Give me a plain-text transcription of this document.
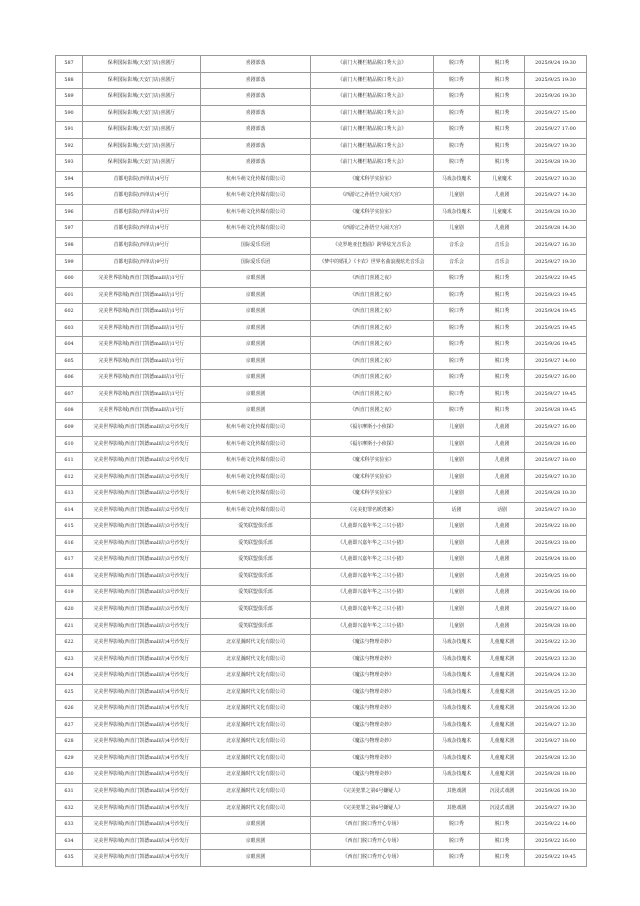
587	保利国际影城(天安门店)喜剧厅	喜剧部落	《前门大栅栏精品脱口秀大会》	脱口秀	脱口秀	2025/9/24 19:30
588	保利国际影城(天安门店)喜剧厅	喜剧部落	《前门大栅栏精品脱口秀大会》	脱口秀	脱口秀	2025/9/25 19:30
589	保利国际影城(天安门店)喜剧厅	喜剧部落	《前门大栅栏精品脱口秀大会》	脱口秀	脱口秀	2025/9/26 19:30
590	保利国际影城(天安门店)喜剧厅	喜剧部落	《前门大栅栏精品脱口秀大会》	脱口秀	脱口秀	2025/9/27 15:00
591	保利国际影城(天安门店)喜剧厅	喜剧部落	《前门大栅栏精品脱口秀大会》	脱口秀	脱口秀	2025/9/27 17:00
592	保利国际影城(天安门店)喜剧厅	喜剧部落	《前门大栅栏精品脱口秀大会》	脱口秀	脱口秀	2025/9/27 19:30
593	保利国际影城(天安门店)喜剧厅	喜剧部落	《前门大栅栏精品脱口秀大会》	脱口秀	脱口秀	2025/9/28 19:30
594	首都电影院(西单店)4号厅	杭州斗萌文化传媒有限公司	《魔术科学实验室》	马戏杂技魔术	儿童魔术	2025/9/27 10:30
595	首都电影院(西单店)4号厅	杭州斗萌文化传媒有限公司	《西游记之孙悟空大闹天宫》	儿童剧	儿童剧	2025/9/27 14:30
596	首都电影院(西单店)4号厅	杭州斗萌文化传媒有限公司	《魔术科学实验室》	马戏杂技魔术	儿童魔术	2025/9/28 10:30
597	首都电影院(西单店)4号厅	杭州斗萌文化传媒有限公司	《西游记之孙悟空大闹天宫》	儿童剧	儿童剧	2025/9/28 14:30
598	首都电影院(西单店)9号厅	国际爱乐乐团	《克罗地亚狂想曲》跨界炫光音乐会	音乐会	音乐会	2025/9/27 16:30
599	首都电影院(西单店)9号厅	国际爱乐乐团	《梦中的婚礼》《卡农》世界名曲浪漫炫光音乐会	音乐会	音乐会	2025/9/27 19:30
600	完美世界影城(西直门凯德mall店)1号厅	京眼喜剧	《西直门喜剧之夜》	脱口秀	脱口秀	2025/9/22 19:45
601	完美世界影城(西直门凯德mall店)1号厅	京眼喜剧	《西直门喜剧之夜》	脱口秀	脱口秀	2025/9/23 19:45
602	完美世界影城(西直门凯德mall店)1号厅	京眼喜剧	《西直门喜剧之夜》	脱口秀	脱口秀	2025/9/24 19:45
603	完美世界影城(西直门凯德mall店)1号厅	京眼喜剧	《西直门喜剧之夜》	脱口秀	脱口秀	2025/9/25 19:45
604	完美世界影城(西直门凯德mall店)1号厅	京眼喜剧	《西直门喜剧之夜》	脱口秀	脱口秀	2025/9/26 19:45
605	完美世界影城(西直门凯德mall店)1号厅	京眼喜剧	《西直门喜剧之夜》	脱口秀	脱口秀	2025/9/27 14:00
606	完美世界影城(西直门凯德mall店)1号厅	京眼喜剧	《西直门喜剧之夜》	脱口秀	脱口秀	2025/9/27 16:00
607	完美世界影城(西直门凯德mall店)1号厅	京眼喜剧	《西直门喜剧之夜》	脱口秀	脱口秀	2025/9/27 19:45
608	完美世界影城(西直门凯德mall店)1号厅	京眼喜剧	《西直门喜剧之夜》	脱口秀	脱口秀	2025/9/28 19:45
609	完美世界影城(西直门凯德mall店)2号沙发厅	杭州斗萌文化传媒有限公司	《福尔摩斯小小侦探》	儿童剧	儿童剧	2025/9/27 16:00
610	完美世界影城(西直门凯德mall店)2号沙发厅	杭州斗萌文化传媒有限公司	《福尔摩斯小小侦探》	儿童剧	儿童剧	2025/9/28 16:00
611	完美世界影城(西直门凯德mall店)2号沙发厅	杭州斗萌文化传媒有限公司	《魔术科学实验室》	儿童剧	儿童剧	2025/9/27 18:00
612	完美世界影城(西直门凯德mall店)2号沙发厅	杭州斗萌文化传媒有限公司	《魔术科学实验室》	儿童剧	儿童剧	2025/9/27 10:30
613	完美世界影城(西直门凯德mall店)2号沙发厅	杭州斗萌文化传媒有限公司	《魔术科学实验室》	儿童剧	儿童剧	2025/9/28 10:30
614	完美世界影城(西直门凯德mall店)2号沙发厅	杭州斗萌文化传媒有限公司	《完美犯罪名媛逃案》	话剧	话剧	2025/9/27 19:30
615	完美世界影城(西直门凯德mall店)3号沙发厅	爱笑联盟俱乐部	《儿童即兴嘉年华之三只小猪》	儿童剧	儿童剧	2025/9/22 18:00
616	完美世界影城(西直门凯德mall店)3号沙发厅	爱笑联盟俱乐部	《儿童即兴嘉年华之三只小猪》	儿童剧	儿童剧	2025/9/23 18:00
617	完美世界影城(西直门凯德mall店)3号沙发厅	爱笑联盟俱乐部	《儿童即兴嘉年华之三只小猪》	儿童剧	儿童剧	2025/9/24 18:00
618	完美世界影城(西直门凯德mall店)3号沙发厅	爱笑联盟俱乐部	《儿童即兴嘉年华之三只小猪》	儿童剧	儿童剧	2025/9/25 18:00
619	完美世界影城(西直门凯德mall店)3号沙发厅	爱笑联盟俱乐部	《儿童即兴嘉年华之三只小猪》	儿童剧	儿童剧	2025/9/26 18:00
620	完美世界影城(西直门凯德mall店)3号沙发厅	爱笑联盟俱乐部	《儿童即兴嘉年华之三只小猪》	儿童剧	儿童剧	2025/9/27 18:00
621	完美世界影城(西直门凯德mall店)3号沙发厅	爱笑联盟俱乐部	《儿童即兴嘉年华之三只小猪》	儿童剧	儿童剧	2025/9/28 18:00
622	完美世界影城(西直门凯德mall店)4号沙发厅	北京星瀚时代文化有限公司	《魔法与物理奇妙》	马戏杂技魔术	儿童魔术剧	2025/9/22 12:30
623	完美世界影城(西直门凯德mall店)4号沙发厅	北京星瀚时代文化有限公司	《魔法与物理奇妙》	马戏杂技魔术	儿童魔术剧	2025/9/23 12:30
624	完美世界影城(西直门凯德mall店)4号沙发厅	北京星瀚时代文化有限公司	《魔法与物理奇妙》	马戏杂技魔术	儿童魔术剧	2025/9/24 12:30
625	完美世界影城(西直门凯德mall店)4号沙发厅	北京星瀚时代文化有限公司	《魔法与物理奇妙》	马戏杂技魔术	儿童魔术剧	2025/9/25 12:30
626	完美世界影城(西直门凯德mall店)4号沙发厅	北京星瀚时代文化有限公司	《魔法与物理奇妙》	马戏杂技魔术	儿童魔术剧	2025/9/26 12:30
627	完美世界影城(西直门凯德mall店)4号沙发厅	北京星瀚时代文化有限公司	《魔法与物理奇妙》	马戏杂技魔术	儿童魔术剧	2025/9/27 12:30
628	完美世界影城(西直门凯德mall店)4号沙发厅	北京星瀚时代文化有限公司	《魔法与物理奇妙》	马戏杂技魔术	儿童魔术剧	2025/9/27 18:00
629	完美世界影城(西直门凯德mall店)4号沙发厅	北京星瀚时代文化有限公司	《魔法与物理奇妙》	马戏杂技魔术	儿童魔术剧	2025/9/28 12:30
630	完美世界影城(西直门凯德mall店)4号沙发厅	北京星瀚时代文化有限公司	《魔法与物理奇妙》	马戏杂技魔术	儿童魔术剧	2025/9/28 18:00
631	完美世界影城(西直门凯德mall店)4号沙发厅	北京星瀚时代文化有限公司	《完美犯罪之第6号嫌疑人》	其他戏剧	沉浸式戏剧	2025/9/26 19:30
632	完美世界影城(西直门凯德mall店)4号沙发厅	北京星瀚时代文化有限公司	《完美犯罪之第6号嫌疑人》	其他戏剧	沉浸式戏剧	2025/9/27 19:30
633	完美世界影城(西直门凯德mall店)4号沙发厅	京眼喜剧	《西直门脱口秀开心专场》	脱口秀	脱口秀	2025/9/22 14:00
634	完美世界影城(西直门凯德mall店)4号沙发厅	京眼喜剧	《西直门脱口秀开心专场》	脱口秀	脱口秀	2025/9/22 16:00
635	完美世界影城(西直门凯德mall店)4号沙发厅	京眼喜剧	《西直门脱口秀开心专场》	脱口秀	脱口秀	2025/9/22 19:45
